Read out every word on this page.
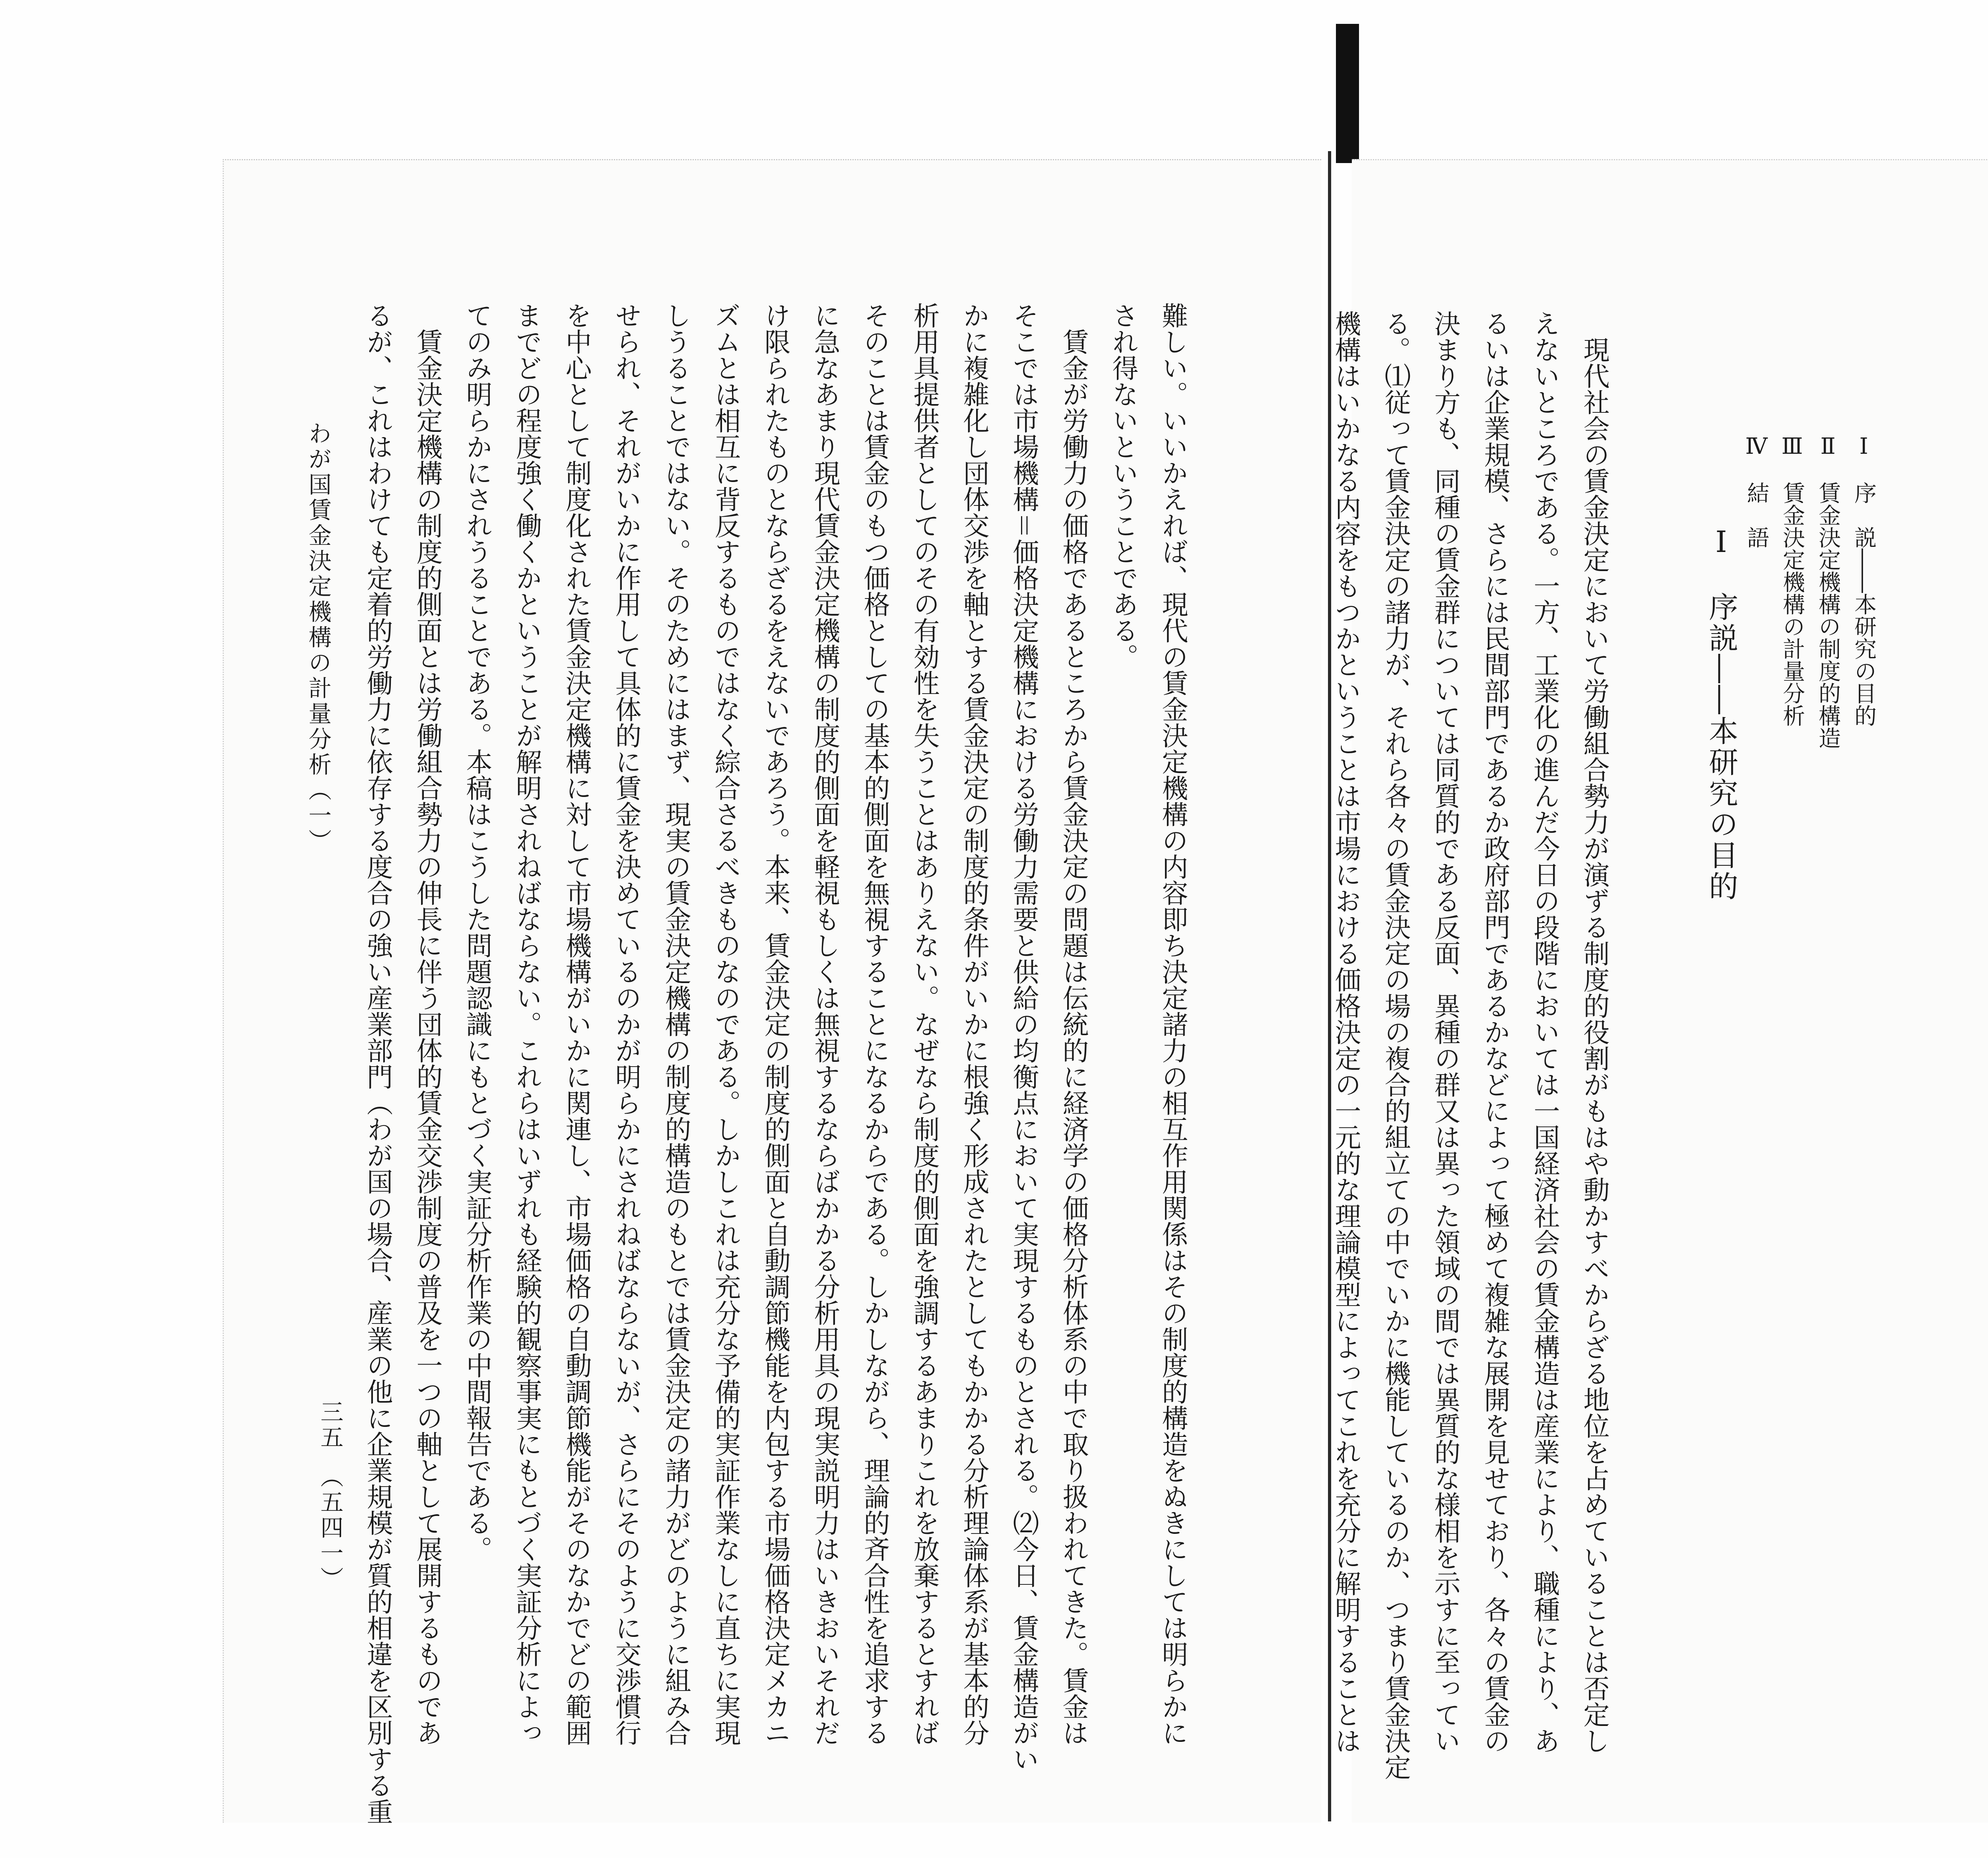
Ⅰ　序　説――本研究の目的
Ⅱ　賃金決定機構の制度的構造
Ⅲ　賃金決定機構の計量分析
Ⅳ　結　語
Ⅰ　序説――本研究の目的
　現代社会の賃金決定において労働組合勢力が演ずる制度的役割がもはや動かすべからざる地位を占めていることは否定し
えないところである。一方、工業化の進んだ今日の段階においては一国経済社会の賃金構造は産業により、職種により、あ
るいは企業規模、さらには民間部門であるか政府部門であるかなどによって極めて複雑な展開を見せており、各々の賃金の
決まり方も、同種の賃金群については同質的である反面、異種の群又は異った領域の間では異質的な様相を示すに至ってい
る。⑴従って賃金決定の諸力が、それら各々の賃金決定の場の複合的組立ての中でいかに機能しているのか、つまり賃金決定
機構はいかなる内容をもつかということは市場における価格決定の一元的な理論模型によってこれを充分に解明することは
難しい。いいかえれば、現代の賃金決定機構の内容即ち決定諸力の相互作用関係はその制度的構造をぬきにしては明らかに
され得ないということである。
　賃金が労働力の価格であるところから賃金決定の問題は伝統的に経済学の価格分析体系の中で取り扱われてきた。賃金は
そこでは市場機構＝価格決定機構における労働力需要と供給の均衡点において実現するものとされる。⑵今日、賃金構造がい
かに複雑化し団体交渉を軸とする賃金決定の制度的条件がいかに根強く形成されたとしてもかかる分析理論体系が基本的分
析用具提供者としてのその有効性を失うことはありえない。なぜなら制度的側面を強調するあまりこれを放棄するとすれば
そのことは賃金のもつ価格としての基本的側面を無視することになるからである。しかしながら、理論的斉合性を追求する
に急なあまり現代賃金決定機構の制度的側面を軽視もしくは無視するならばかかる分析用具の現実説明力はいきおいそれだ
け限られたものとならざるをえないであろう。本来、賃金決定の制度的側面と自動調節機能を内包する市場価格決定メカニ
ズムとは相互に背反するものではなく綜合さるべきものなのである。しかしこれは充分な予備的実証作業なしに直ちに実現
しうることではない。そのためにはまず、現実の賃金決定機構の制度的構造のもとでは賃金決定の諸力がどのように組み合
せられ、それがいかに作用して具体的に賃金を決めているのかが明らかにされねばならないが、さらにそのように交渉慣行
を中心として制度化された賃金決定機構に対して市場機構がいかに関連し、市場価格の自動調節機能がそのなかでどの範囲
までどの程度強く働くかということが解明されねばならない。これらはいずれも経験的観察事実にもとづく実証分析によっ
てのみ明らかにされうることである。本稿はこうした問題認識にもとづく実証分析作業の中間報告である。
　賃金決定機構の制度的側面とは労働組合勢力の伸長に伴う団体的賃金交渉制度の普及を一つの軸として展開するものであ
るが、これはわけても定着的労働力に依存する度合の強い産業部門（わが国の場合、産業の他に企業規模が質的相違を区別する重
わが国賃金決定機構の計量分析（一）
三五　（五四一）
